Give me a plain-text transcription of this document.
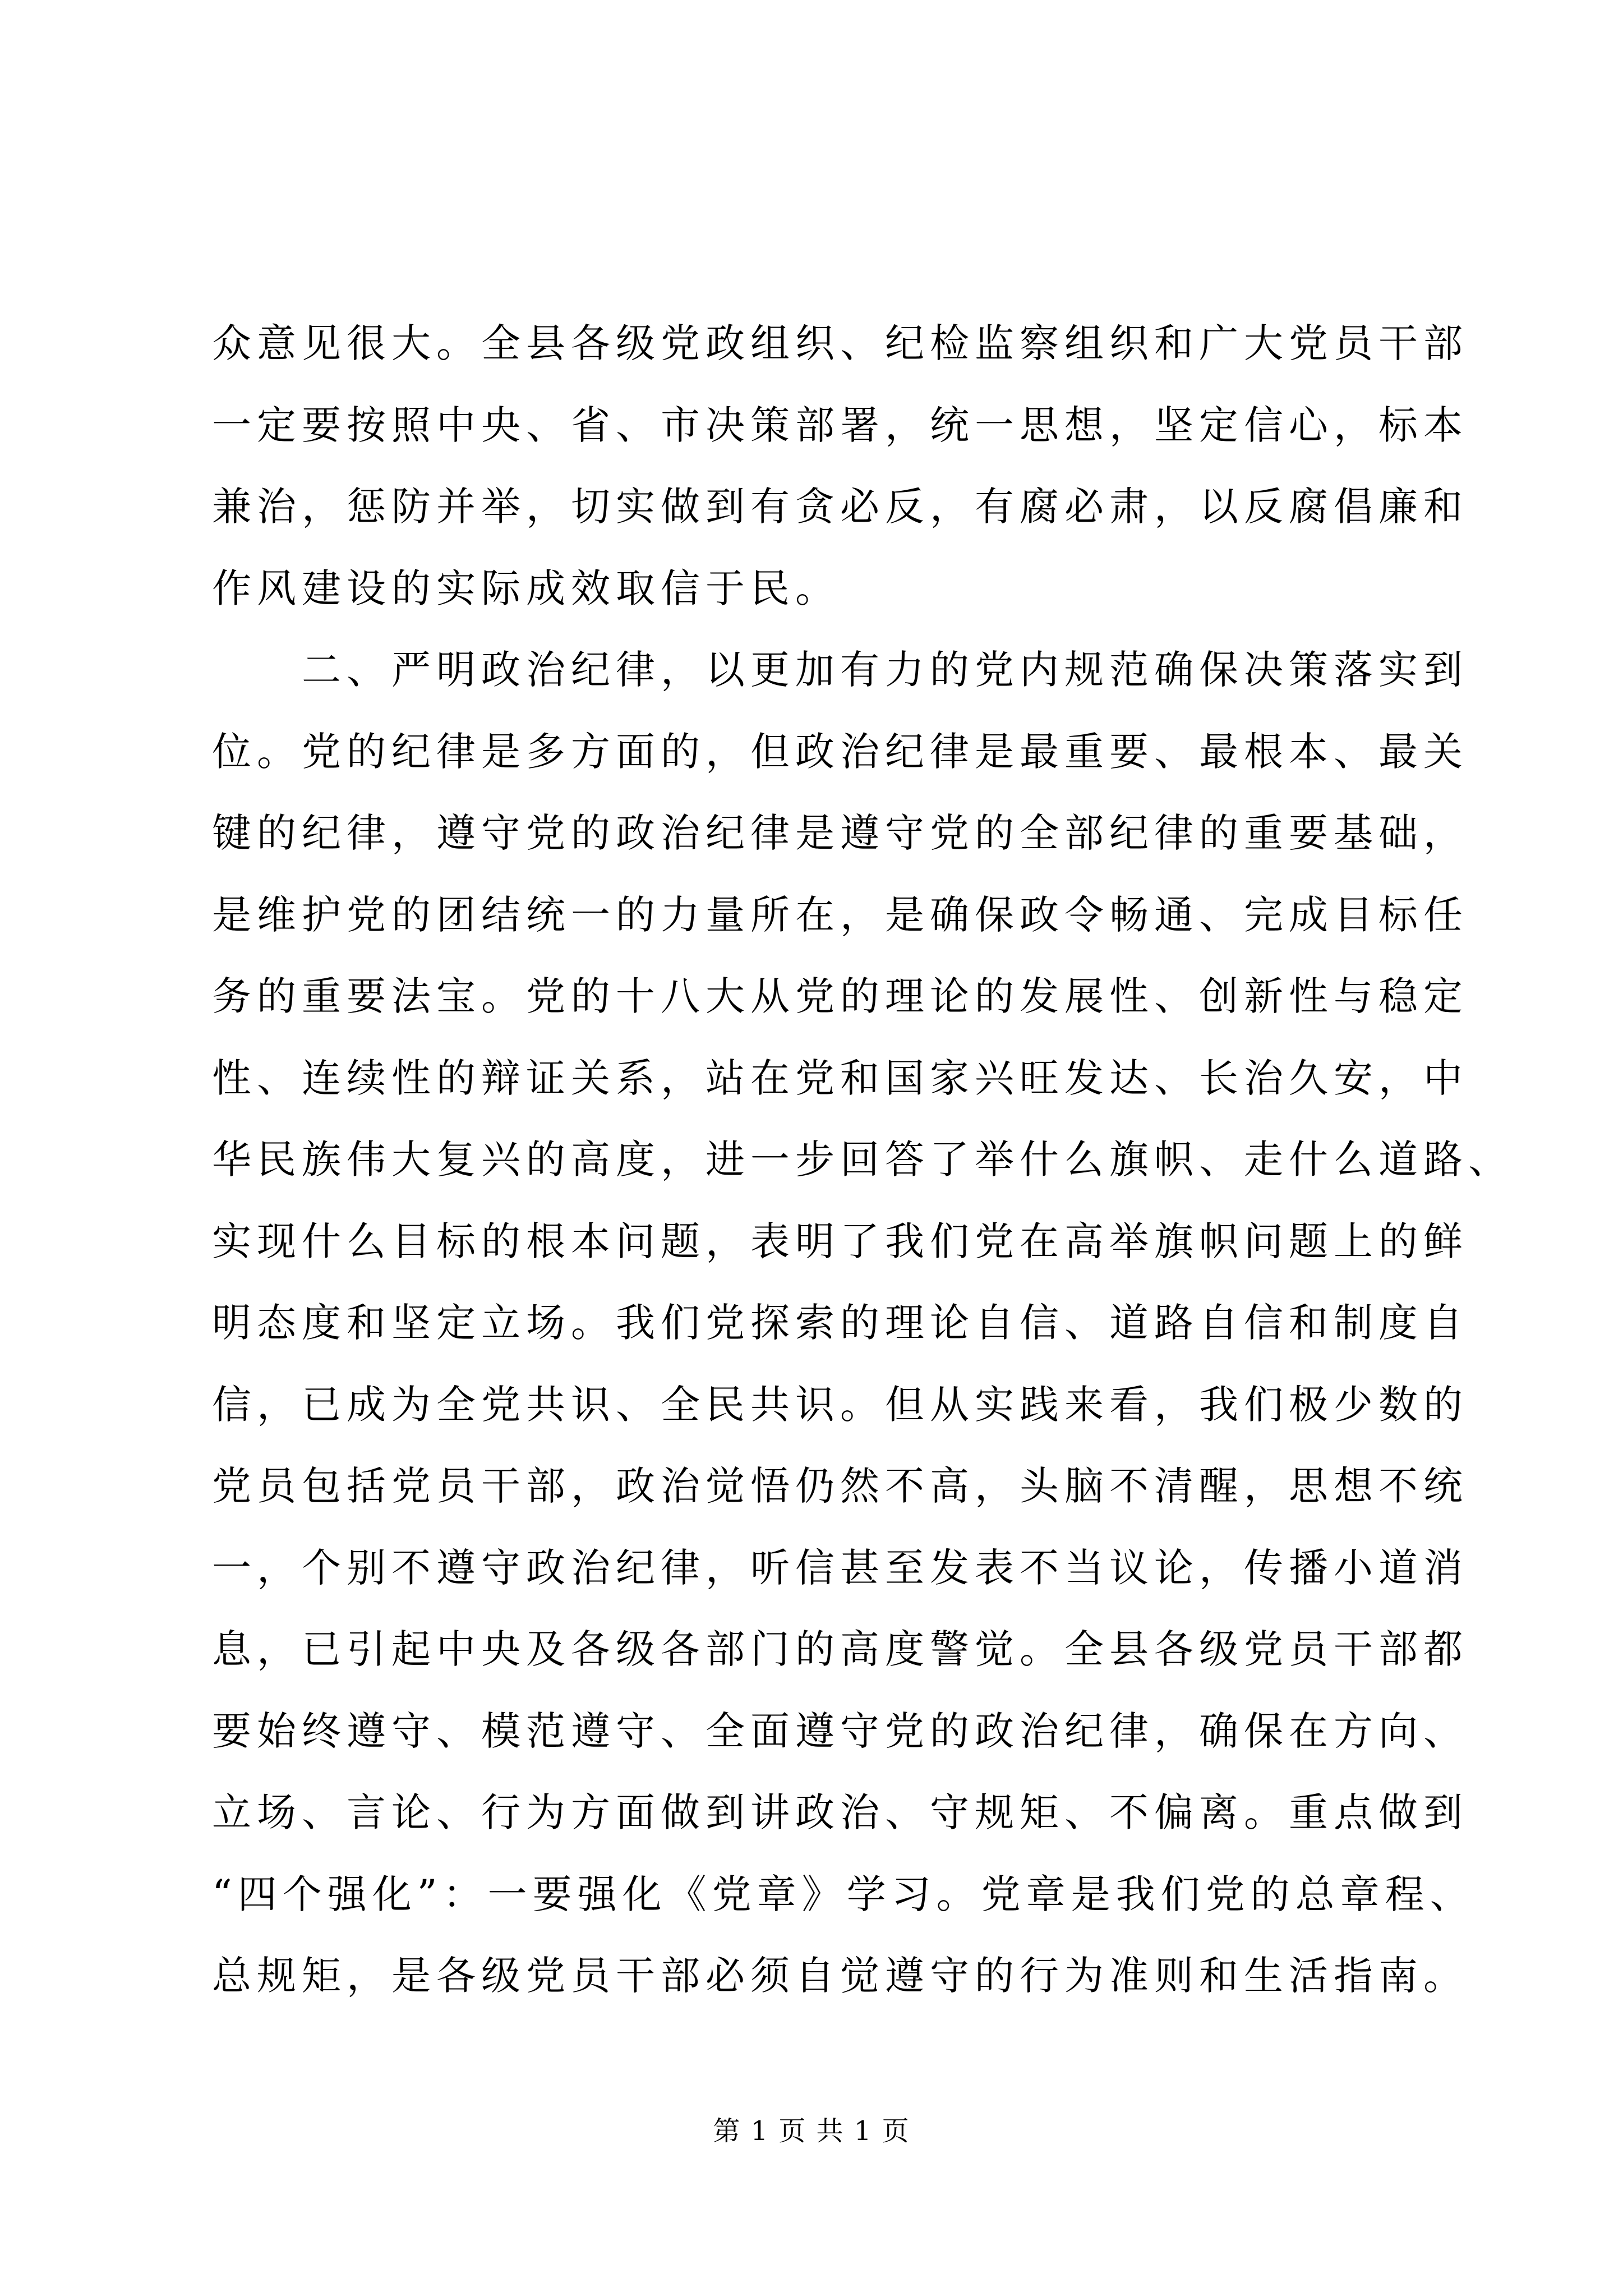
众意见很大。全县各级党政组织、纪检监察组织和广大党员干部
一定要按照中央、省、市决策部署，统一思想，坚定信心，标本
兼治，惩防并举，切实做到有贪必反，有腐必肃，以反腐倡廉和
作风建设的实际成效取信于民。
二、严明政治纪律，以更加有力的党内规范确保决策落实到
位。党的纪律是多方面的，但政治纪律是最重要、最根本、最关
键的纪律，遵守党的政治纪律是遵守党的全部纪律的重要基础，
是维护党的团结统一的力量所在，是确保政令畅通、完成目标任
务的重要法宝。党的十八大从党的理论的发展性、创新性与稳定
性、连续性的辩证关系，站在党和国家兴旺发达、长治久安，中
华民族伟大复兴的高度，进一步回答了举什么旗帜、走什么道路、
实现什么目标的根本问题，表明了我们党在高举旗帜问题上的鲜
明态度和坚定立场。我们党探索的理论自信、道路自信和制度自
信，已成为全党共识、全民共识。但从实践来看，我们极少数的
党员包括党员干部，政治觉悟仍然不高，头脑不清醒，思想不统
一，个别不遵守政治纪律，听信甚至发表不当议论，传播小道消
息，已引起中央及各级各部门的高度警觉。全县各级党员干部都
要始终遵守、模范遵守、全面遵守党的政治纪律，确保在方向、
立场、言论、行为方面做到讲政治、守规矩、不偏离。重点做到
“四个强化”：一要强化《党章》学习。党章是我们党的总章程、
总规矩，是各级党员干部必须自觉遵守的行为准则和生活指南。
第 1 页 共 1 页
